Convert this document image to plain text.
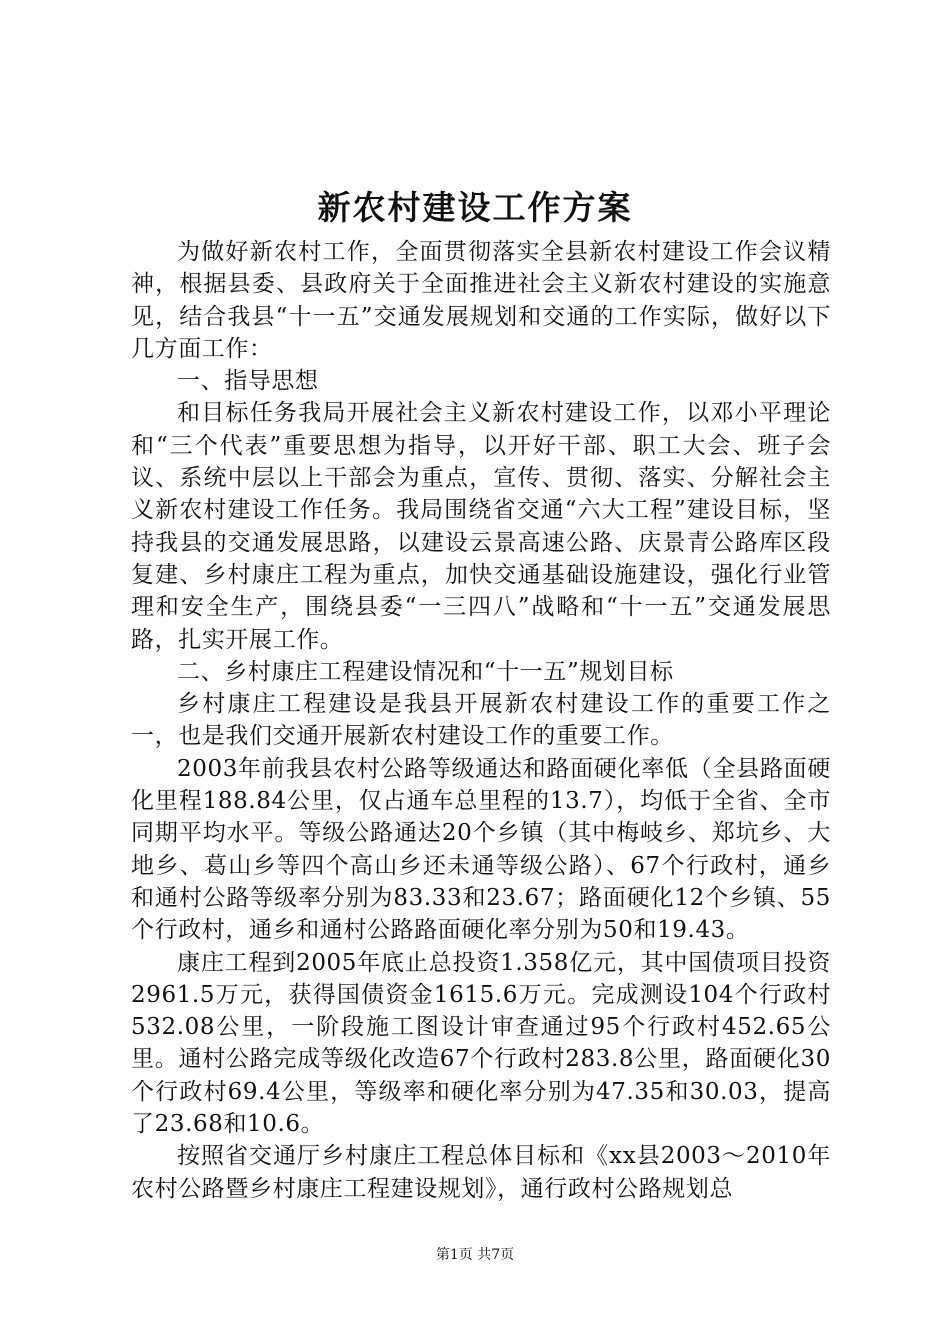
新农村建设工作方案

为做好新农村工作，全面贯彻落实全县新农村建设工作会议精神，根据县委、县政府关于全面推进社会主义新农村建设的实施意见，结合我县“十一五”交通发展规划和交通的工作实际，做好以下几方面工作：

一、指导思想

和目标任务我局开展社会主义新农村建设工作，以邓小平理论和“三个代表”重要思想为指导，以开好干部、职工大会、班子会议、系统中层以上干部会为重点，宣传、贯彻、落实、分解社会主义新农村建设工作任务。我局围绕省交通“六大工程”建设目标，坚持我县的交通发展思路，以建设云景高速公路、庆景青公路库区段复建、乡村康庄工程为重点，加快交通基础设施建设，强化行业管理和安全生产，围绕县委“一三四八”战略和“十一五”交通发展思路，扎实开展工作。

二、乡村康庄工程建设情况和“十一五”规划目标

乡村康庄工程建设是我县开展新农村建设工作的重要工作之一，也是我们交通开展新农村建设工作的重要工作。

2003年前我县农村公路等级通达和路面硬化率低（全县路面硬化里程188.84公里，仅占通车总里程的13.7），均低于全省、全市同期平均水平。等级公路通达20个乡镇（其中梅岐乡、郑坑乡、大地乡、葛山乡等四个高山乡还未通等级公路）、67个行政村，通乡和通村公路等级率分别为83.33和23.67；路面硬化12个乡镇、55个行政村，通乡和通村公路路面硬化率分别为50和19.43。

康庄工程到2005年底止总投资1.358亿元，其中国债项目投资2961.5万元，获得国债资金1615.6万元。完成测设104个行政村532.08公里，一阶段施工图设计审查通过95个行政村452.65公里。通村公路完成等级化改造67个行政村283.8公里，路面硬化30个行政村69.4公里，等级率和硬化率分别为47.35和30.03，提高了23.68和10.6。

按照省交通厅乡村康庄工程总体目标和《xx县2003～2010年农村公路暨乡村康庄工程建设规划》，通行政村公路规划总

第1页 共7页
